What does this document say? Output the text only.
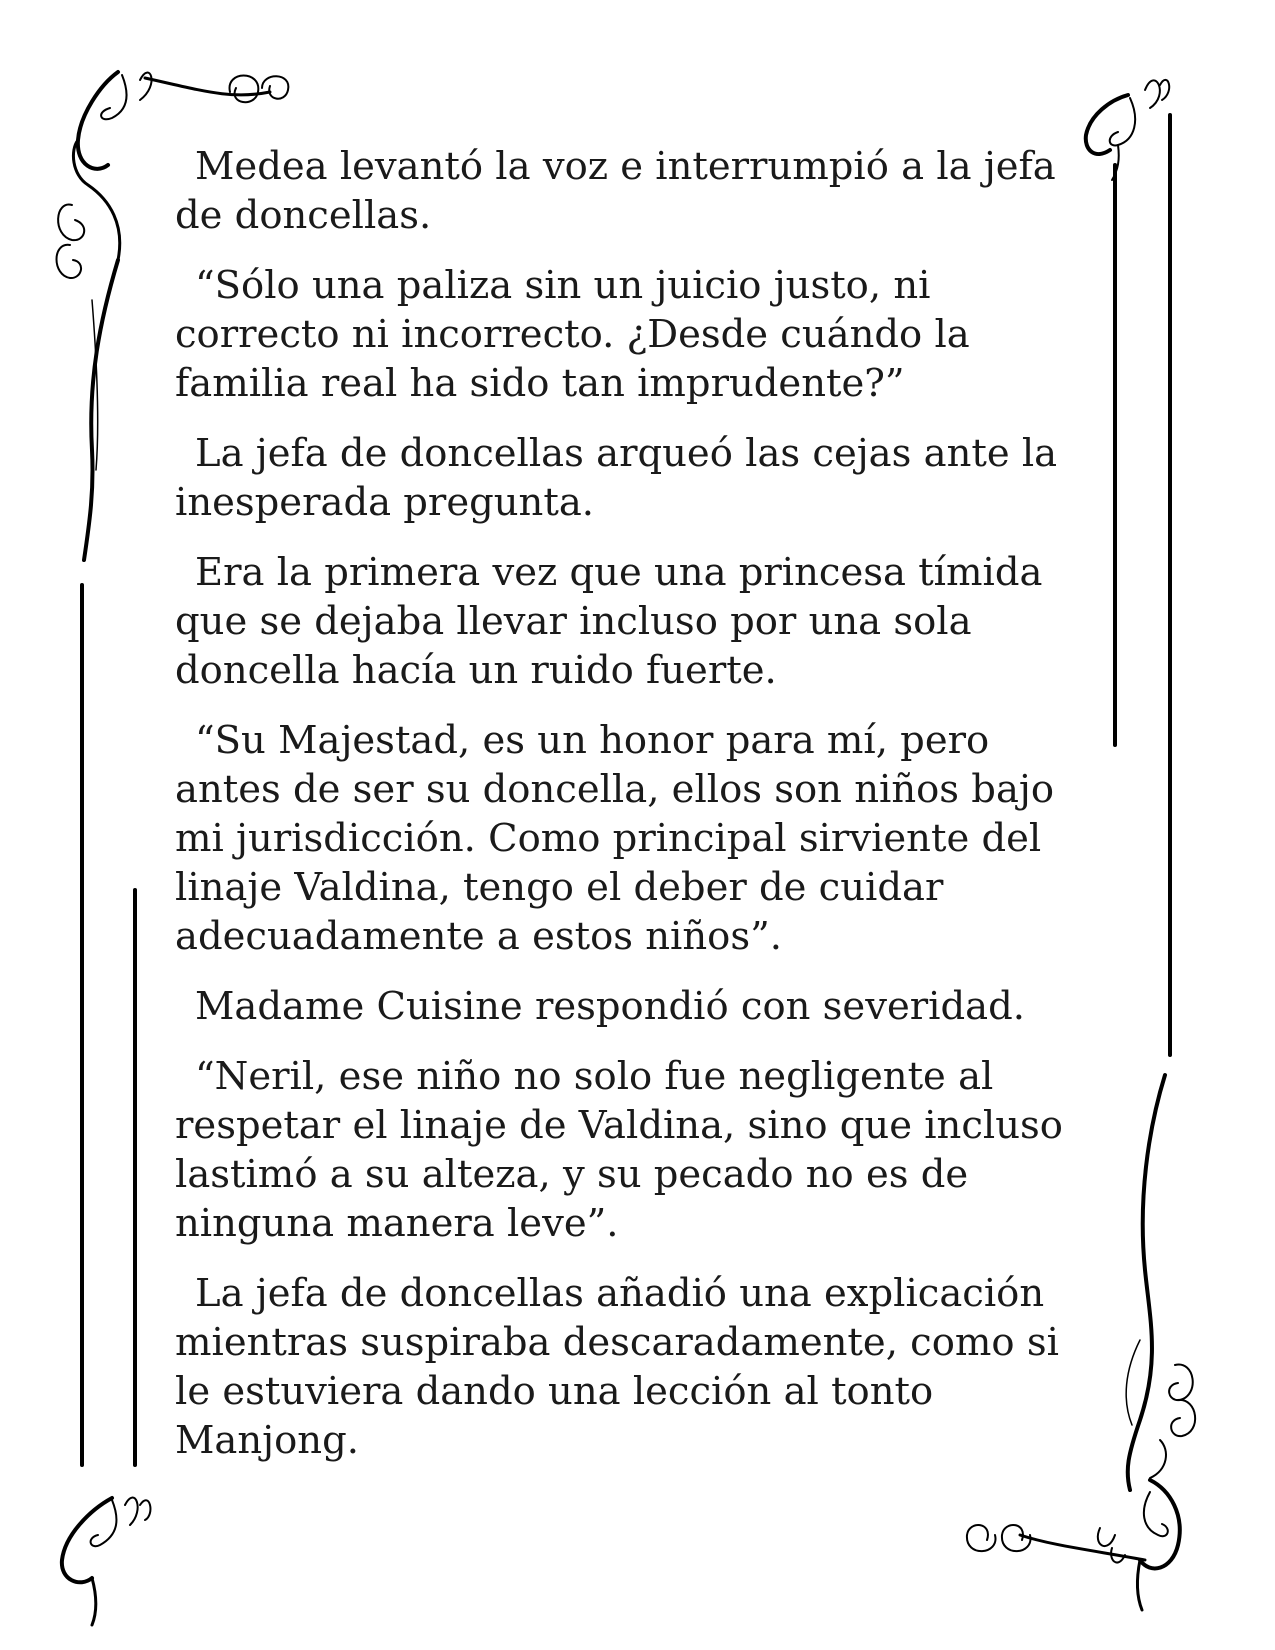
Medea levantó la voz e interrumpió a la jefa de doncellas.

“Sólo una paliza sin un juicio justo, ni correcto ni incorrecto. ¿Desde cuándo la familia real ha sido tan imprudente?”

La jefa de doncellas arqueó las cejas ante la inesperada pregunta.

Era la primera vez que una princesa tímida que se dejaba llevar incluso por una sola doncella hacía un ruido fuerte.

“Su Majestad, es un honor para mí, pero antes de ser su doncella, ellos son niños bajo mi jurisdicción. Como principal sirviente del linaje Valdina, tengo el deber de cuidar adecuadamente a estos niños”.

Madame Cuisine respondió con severidad.

“Neril, ese niño no solo fue negligente al respetar el linaje de Valdina, sino que incluso lastimó a su alteza, y su pecado no es de ninguna manera leve”.

La jefa de doncellas añadió una explicación mientras suspiraba descaradamente, como si le estuviera dando una lección al tonto Manjong.
